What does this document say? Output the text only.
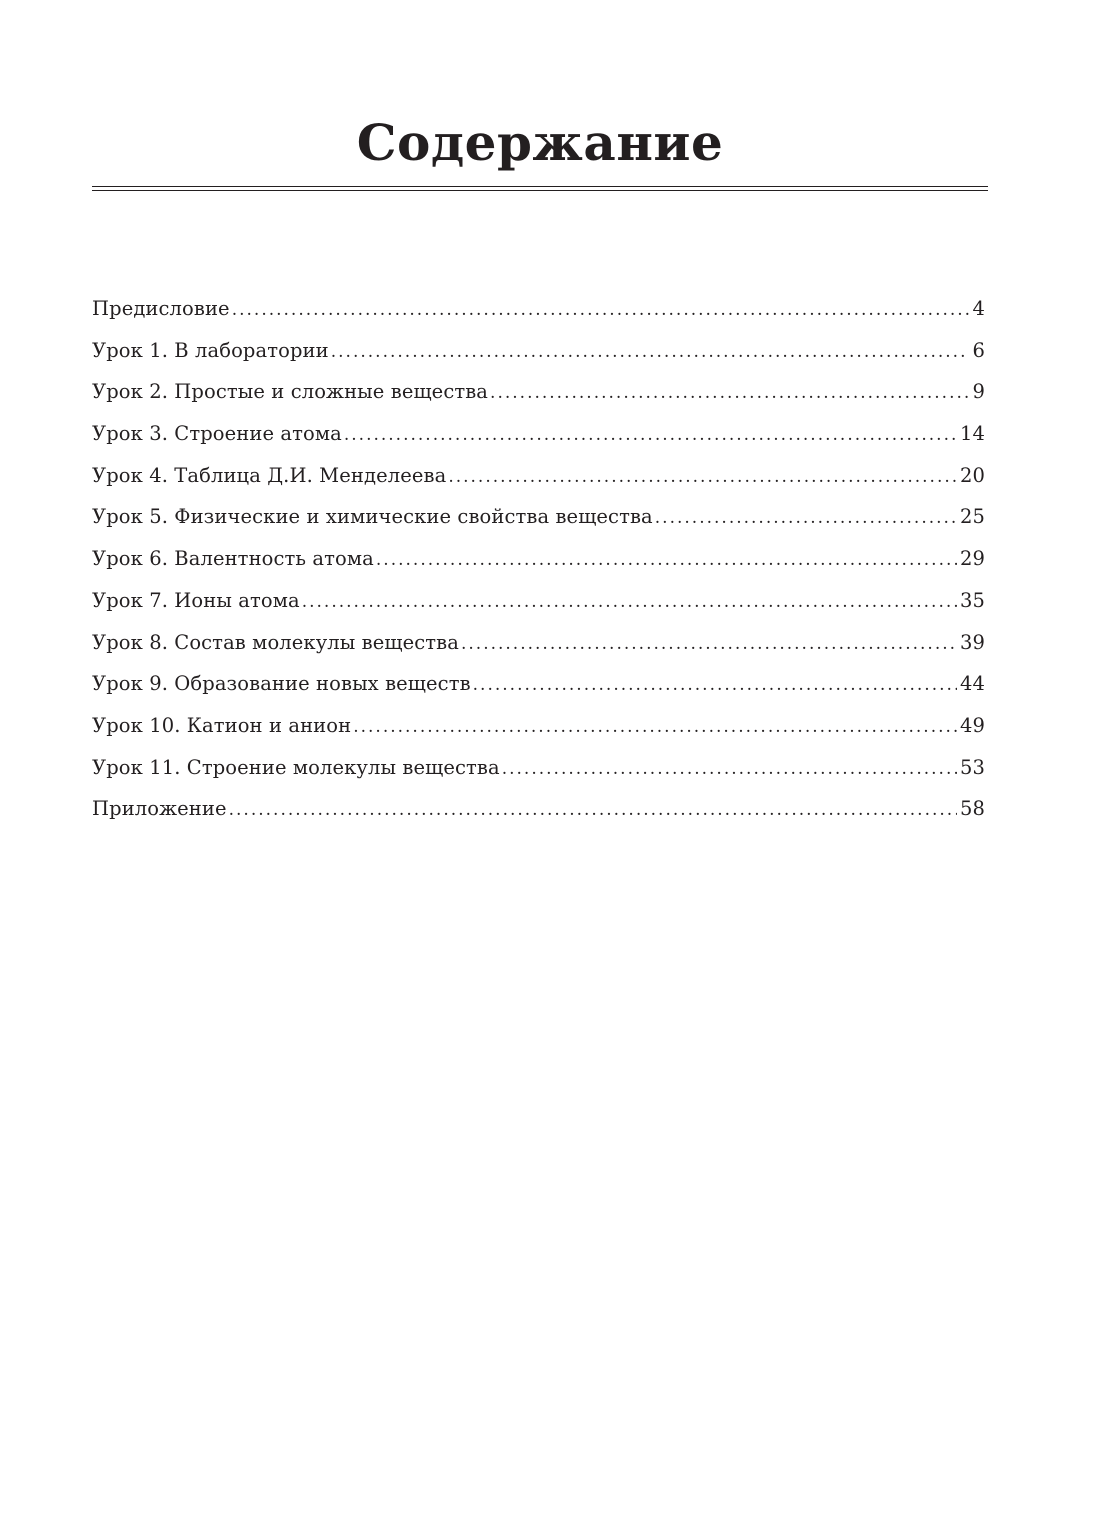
Содержание
Предисловие .....	4
Урок 1. В лаборатории .....	6
Урок 2. Простые и сложные вещества .....	9
Урок 3. Строение атома .....	14
Урок 4. Таблица Д.И. Менделеева .....	20
Урок 5. Физические и химические свойства вещества .....	25
Урок 6. Валентность атома .....	29
Урок 7. Ионы атома .....	35
Урок 8. Состав молекулы вещества .....	39
Урок 9. Образование новых веществ .....	44
Урок 10. Катион и анион .....	49
Урок 11. Строение молекулы вещества .....	53
Приложение .....	58
